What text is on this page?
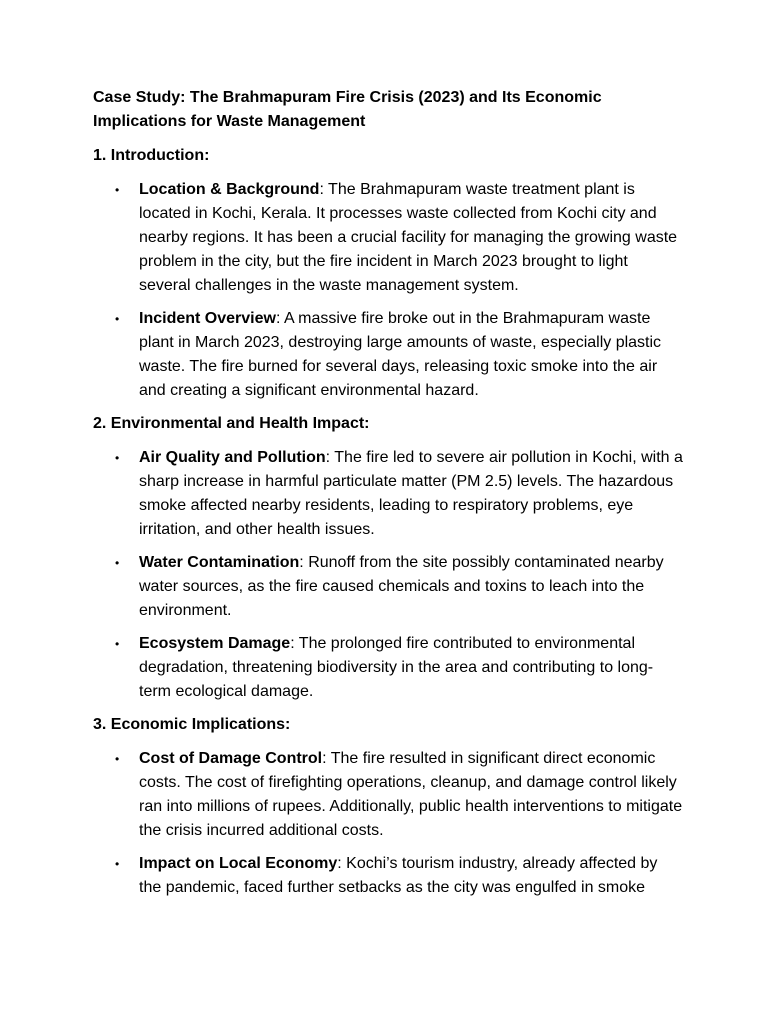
Case Study: The Brahmapuram Fire Crisis (2023) and Its Economic
Implications for Waste Management
1. Introduction:
• Location & Background: The Brahmapuram waste treatment plant is located in Kochi, Kerala. It processes waste collected from Kochi city and nearby regions. It has been a crucial facility for managing the growing waste problem in the city, but the fire incident in March 2023 brought to light several challenges in the waste management system.
• Incident Overview: A massive fire broke out in the Brahmapuram waste plant in March 2023, destroying large amounts of waste, especially plastic waste. The fire burned for several days, releasing toxic smoke into the air and creating a significant environmental hazard.
2. Environmental and Health Impact:
• Air Quality and Pollution: The fire led to severe air pollution in Kochi, with a sharp increase in harmful particulate matter (PM 2.5) levels. The hazardous smoke affected nearby residents, leading to respiratory problems, eye irritation, and other health issues.
• Water Contamination: Runoff from the site possibly contaminated nearby water sources, as the fire caused chemicals and toxins to leach into the environment.
• Ecosystem Damage: The prolonged fire contributed to environmental degradation, threatening biodiversity in the area and contributing to long-term ecological damage.
3. Economic Implications:
• Cost of Damage Control: The fire resulted in significant direct economic costs. The cost of firefighting operations, cleanup, and damage control likely ran into millions of rupees. Additionally, public health interventions to mitigate the crisis incurred additional costs.
• Impact on Local Economy: Kochi’s tourism industry, already affected by the pandemic, faced further setbacks as the city was engulfed in smoke
